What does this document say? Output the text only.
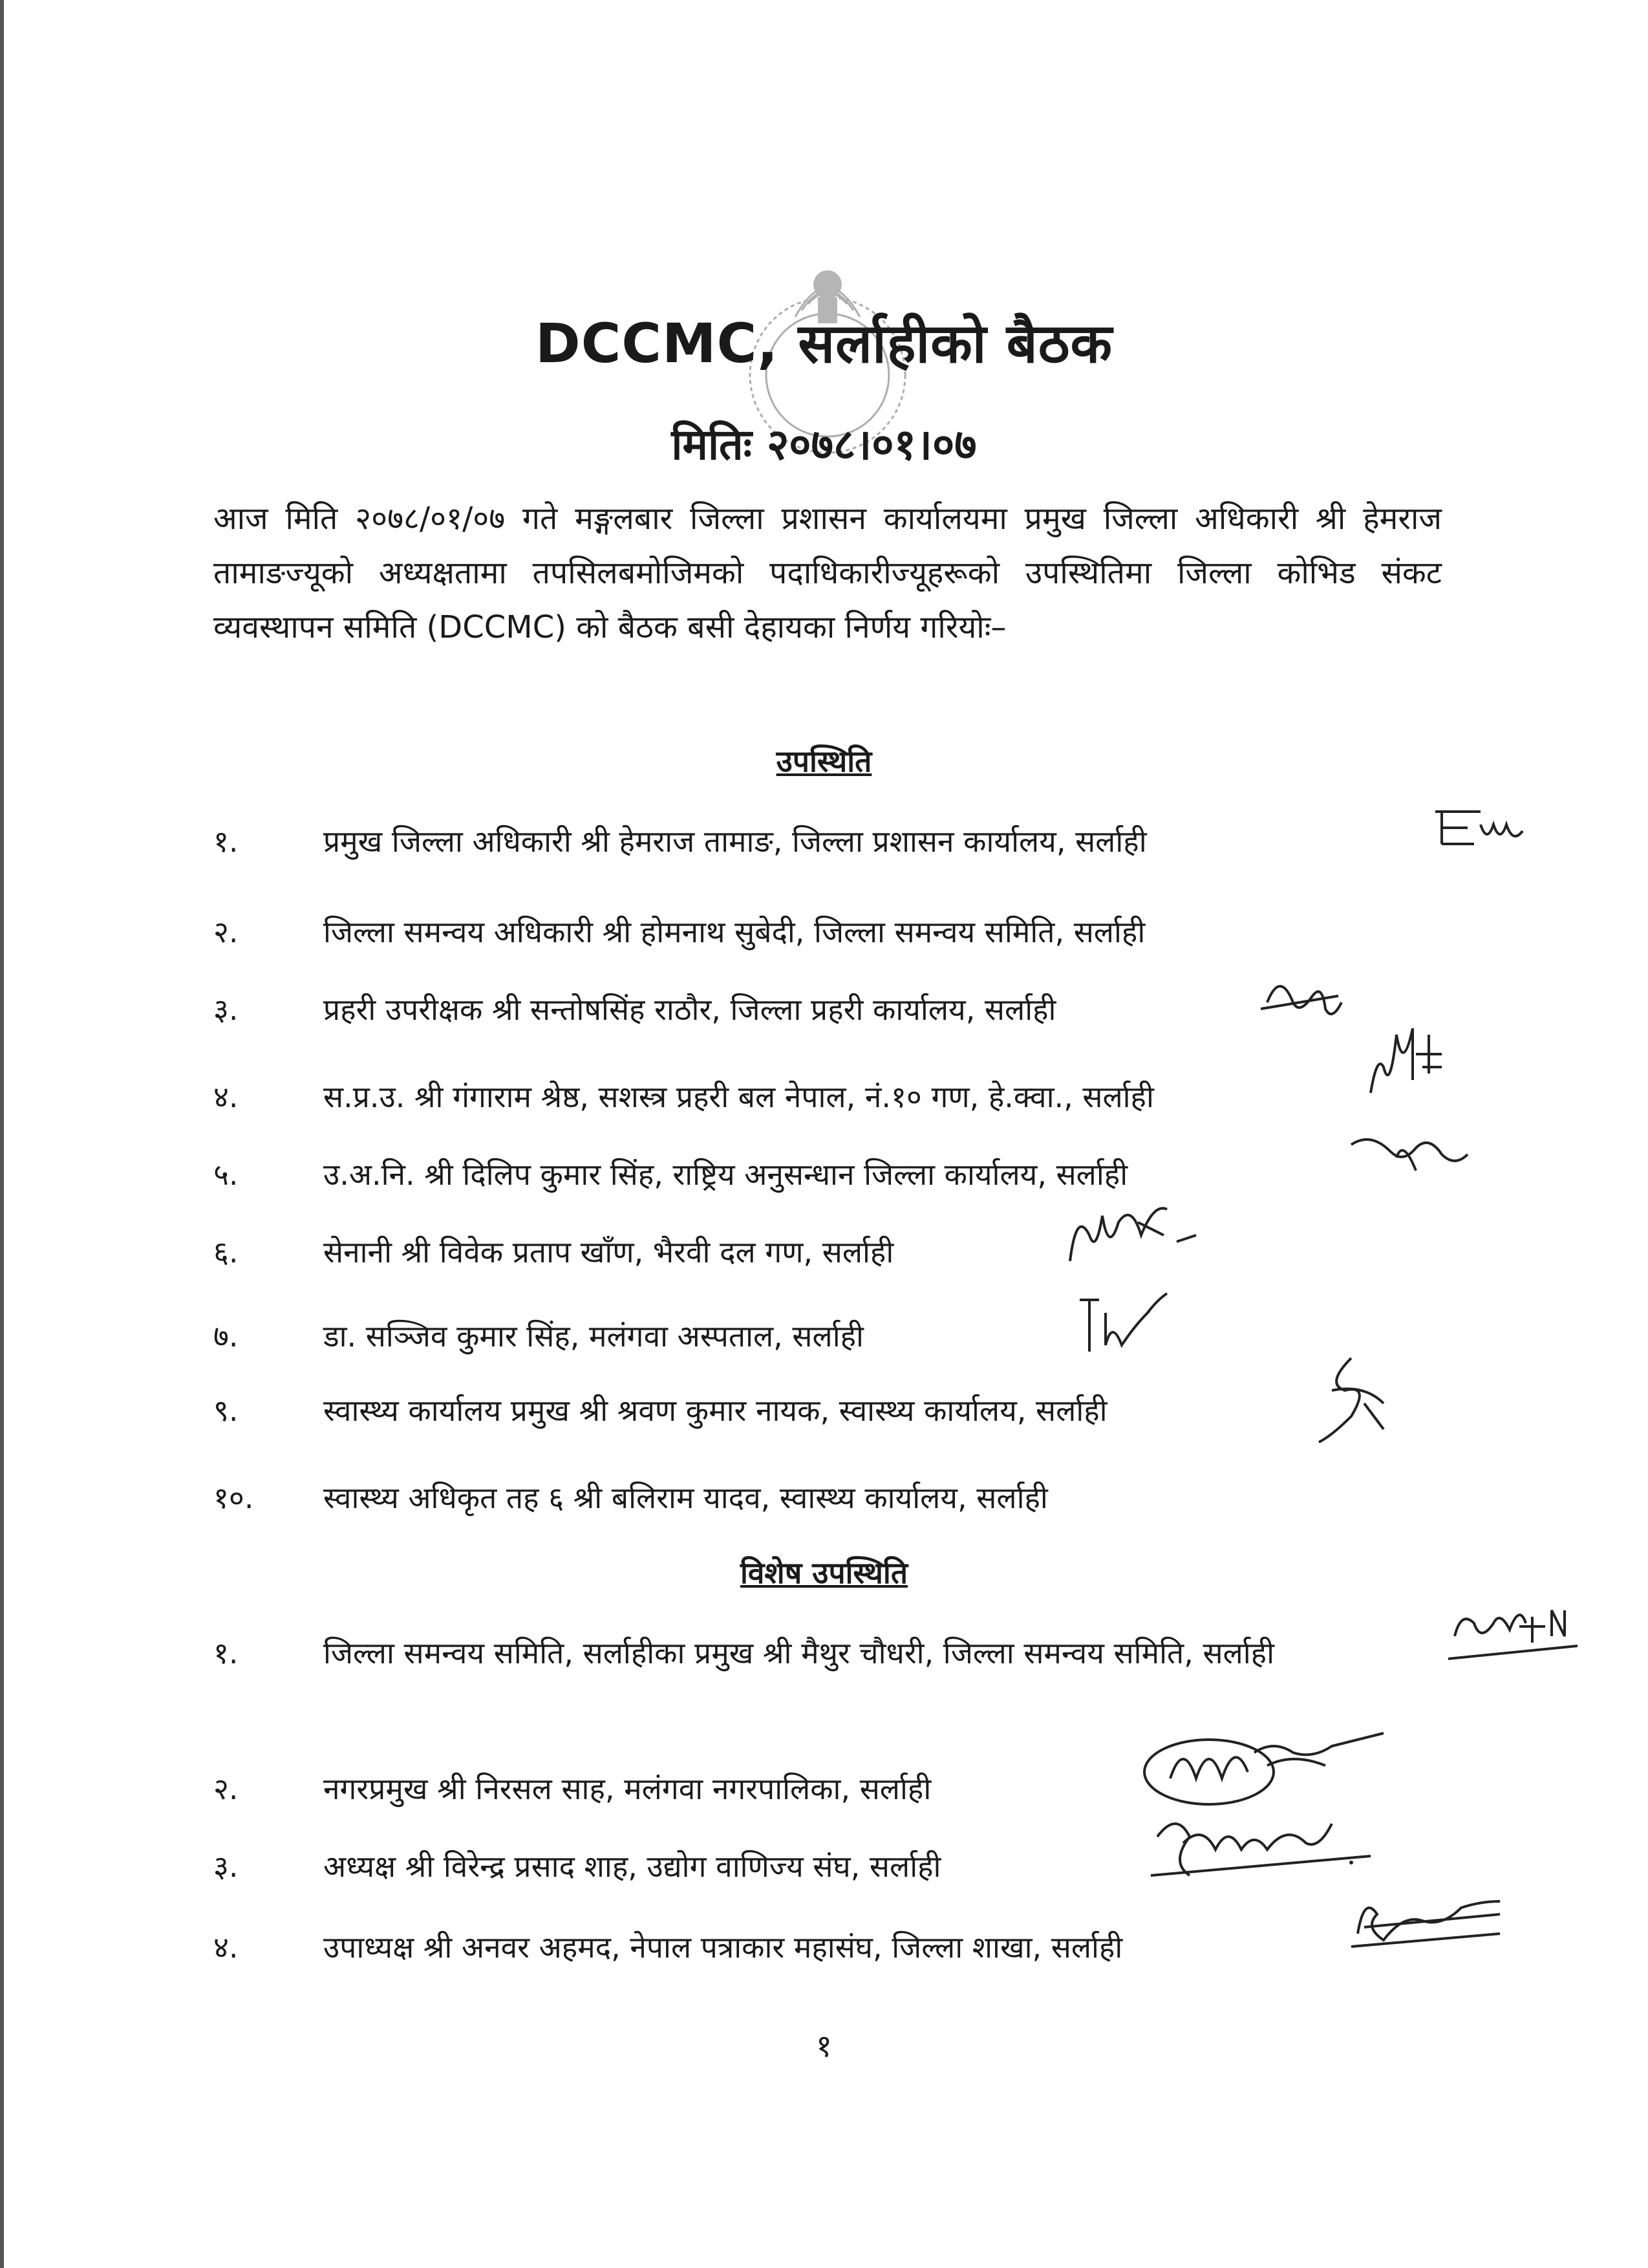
DCCMC, सर्लाहीको बैठक
मितिः २०७८।०१।०७
आज मिति २०७८/०१/०७ गते मङ्गलबार जिल्ला प्रशासन कार्यालयमा प्रमुख जिल्ला अधिकारी श्री हेमराज तामाङज्यूको अध्यक्षतामा तपसिलबमोजिमको पदाधिकारीज्यूहरूको उपस्थितिमा जिल्ला कोभिड संकट व्यवस्थापन समिति (DCCMC) को बैठक बसी देहायका निर्णय गरियोः–
उपस्थिति
१.	प्रमुख जिल्ला अधिकारी श्री हेमराज तामाङ, जिल्ला प्रशासन कार्यालय, सर्लाही
२.	जिल्ला समन्वय अधिकारी श्री होमनाथ सुबेदी, जिल्ला समन्वय समिति, सर्लाही
३.	प्रहरी उपरीक्षक श्री सन्तोषसिंह राठौर, जिल्ला प्रहरी कार्यालय, सर्लाही
४.	स.प्र.उ. श्री गंगाराम श्रेष्ठ, सशस्त्र प्रहरी बल नेपाल, नं.१० गण, हे.क्वा., सर्लाही
५.	उ.अ.नि. श्री दिलिप कुमार सिंह, राष्ट्रिय अनुसन्धान जिल्ला कार्यालय, सर्लाही
६.	सेनानी श्री विवेक प्रताप खाँण, भैरवी दल गण, सर्लाही
७.	डा. सञ्जिव कुमार सिंह, मलंगवा अस्पताल, सर्लाही
९.	स्वास्थ्य कार्यालय प्रमुख श्री श्रवण कुमार नायक, स्वास्थ्य कार्यालय, सर्लाही
१०.	स्वास्थ्य अधिकृत तह ६ श्री बलिराम यादव, स्वास्थ्य कार्यालय, सर्लाही
विशेष उपस्थिति
१.	जिल्ला समन्वय समिति, सर्लाहीका प्रमुख श्री मैथुर चौधरी, जिल्ला समन्वय समिति, सर्लाही
२.	नगरप्रमुख श्री निरसल साह, मलंगवा नगरपालिका, सर्लाही
३.	अध्यक्ष श्री विरेन्द्र प्रसाद शाह, उद्योग वाणिज्य संघ, सर्लाही
४.	उपाध्यक्ष श्री अनवर अहमद, नेपाल पत्राकार महासंघ, जिल्ला शाखा, सर्लाही
१
